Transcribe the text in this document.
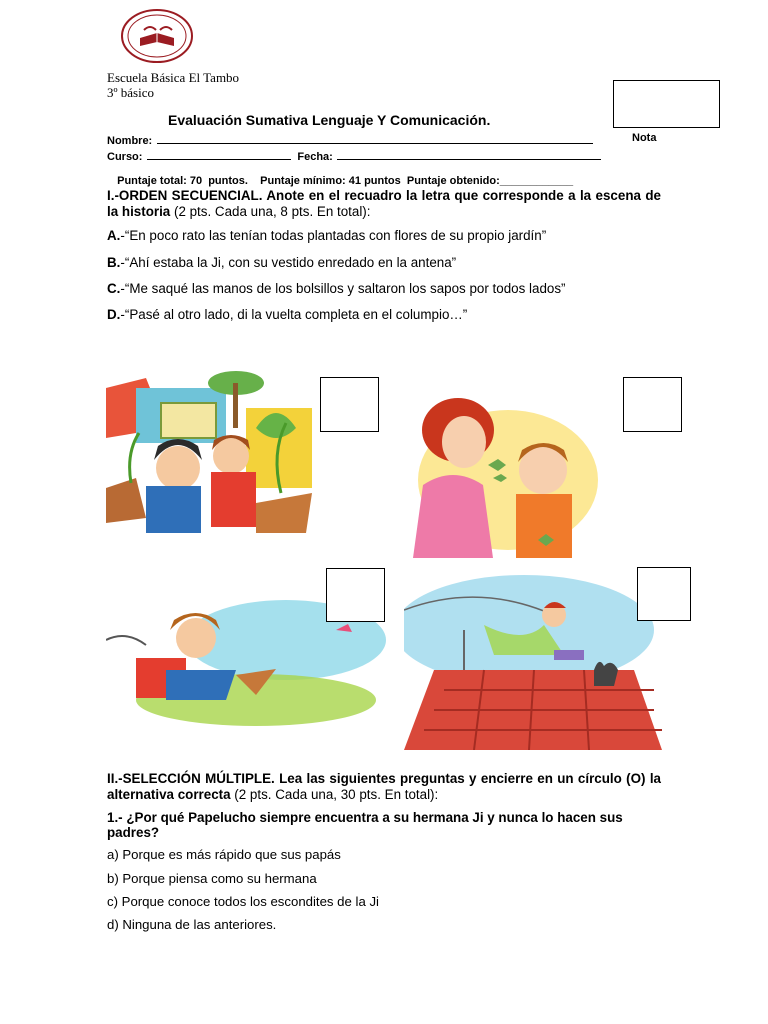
Escuela Básica El Tambo
3º básico
Evaluación Sumativa Lenguaje Y Comunicación.
Nombre:	Nota
Curso:	Fecha:

Puntaje total: 70  puntos. Puntaje mínimo: 41 puntos Puntaje obtenido:____________

I.-ORDEN SECUENCIAL. Anote en el recuadro la letra que corresponde a la escena de la historia (2 pts. Cada una, 8 pts. En total):
A.-“En poco rato las tenían todas plantadas con flores de su propio jardín”
B.-“Ahí estaba la Ji, con su vestido enredado en la antena”
C.-“Me saqué las manos de los bolsillos y saltaron los sapos por todos lados”
D.-“Pasé al otro lado, di la vuelta completa en el columpio…”
II.-SELECCIÓN MÚLTIPLE. Lea las siguientes preguntas y encierre en un círculo (O) la alternativa correcta (2 pts. Cada una, 30 pts. En total):
1.- ¿Por qué Papelucho siempre encuentra a su hermana Ji y nunca lo hacen sus padres?
a) Porque es más rápido que sus papás
b) Porque piensa como su hermana
c) Porque conoce todos los escondites de la Ji
d) Ninguna de las anteriores.
